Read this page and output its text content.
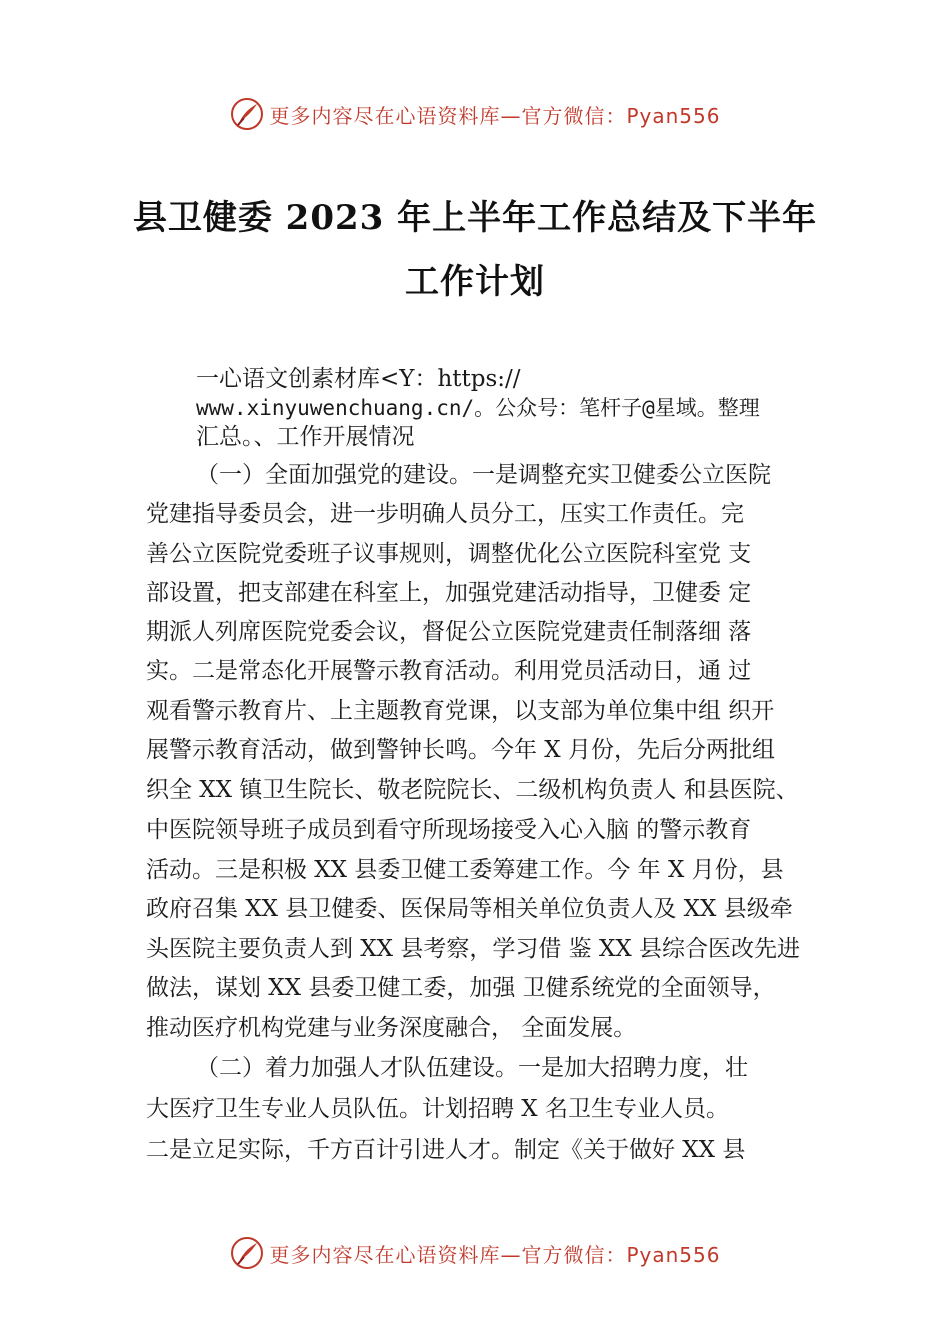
更多内容尽在心语资料库—官方微信：Pyan556
县卫健委 2023 年上半年工作总结及下半年
工作计划
一心语文创素材库<Y：https://
www.xinyuwenchuang.cn/。公众号：笔杆子@星域。整理
汇总。、工作开展情况
（一）全面加强党的建设。一是调整充实卫健委公立医院
党建指导委员会，进一步明确人员分工，压实工作责任。完
善公立医院党委班子议事规则，调整优化公立医院科室党 支
部设置，把支部建在科室上，加强党建活动指导，卫健委 定
期派人列席医院党委会议，督促公立医院党建责任制落细 落
实。二是常态化开展警示教育活动。利用党员活动日，通 过
观看警示教育片、上主题教育党课，以支部为单位集中组 织开
展警示教育活动，做到警钟长鸣。今年 X 月份，先后分两批组
织全 XX 镇卫生院长、敬老院院长、二级机构负责人 和县医院、
中医院领导班子成员到看守所现场接受入心入脑 的警示教育
活动。三是积极 XX 县委卫健工委筹建工作。今 年 X 月份，县
政府召集 XX 县卫健委、医保局等相关单位负责人及 XX 县级牵
头医院主要负责人到 XX 县考察，学习借 鉴 XX 县综合医改先进
做法，谋划 XX 县委卫健工委，加强 卫健系统党的全面领导，
推动医疗机构党建与业务深度融合， 全面发展。
（二）着力加强人才队伍建设。一是加大招聘力度，壮
大医疗卫生专业人员队伍。计划招聘 X 名卫生专业人员。
二是立足实际，千方百计引进人才。制定《关于做好 XX 县
更多内容尽在心语资料库—官方微信：Pyan556
